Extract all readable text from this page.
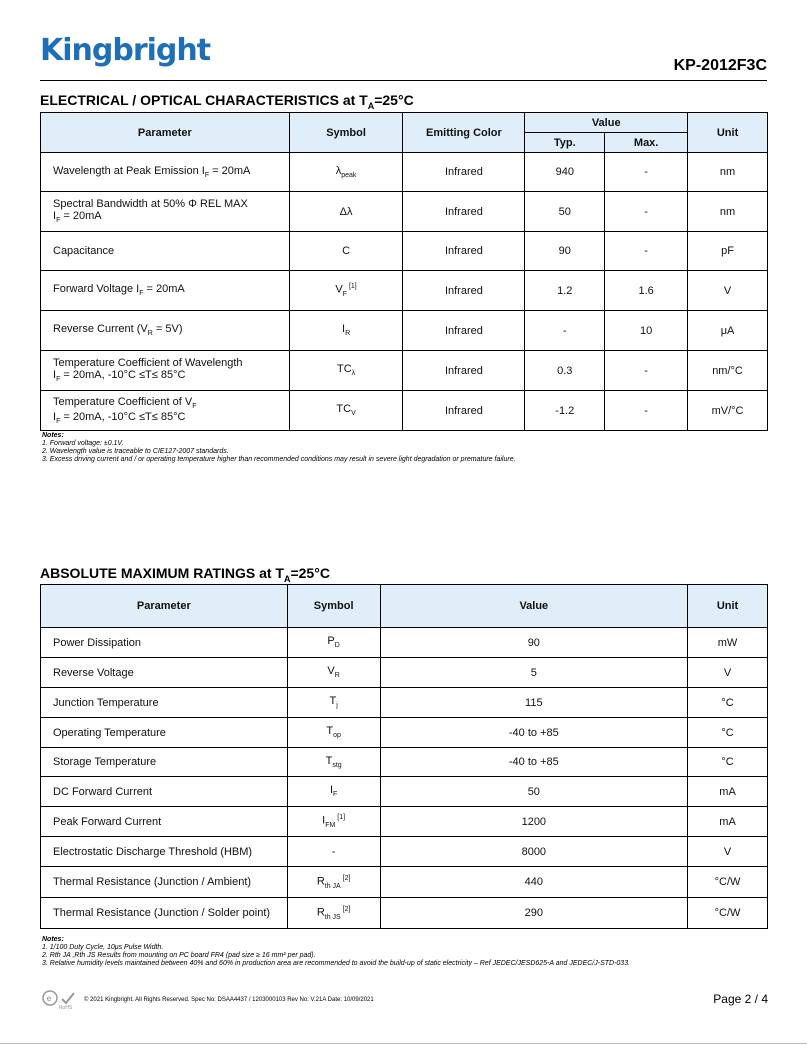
Kingbright	KP-2012F3C
ELECTRICAL / OPTICAL CHARACTERISTICS at $T_A=25^\circ C$
Parameter	Symbol	Emitting Color	Value		Unit
			Typ.	Max.	
Wavelength at Peak Emission $I_F = 20mA$	$\lambda_{peak}$	Infrared	940	-	nm
Spectral Bandwidth at 50% Φ REL MAX
$I_F = 20mA$	Δλ	Infrared	50	-	nm
Capacitance	C	Infrared	90	-	pF
Forward Voltage $I_F = 20mA$	$V_F$ [1]	Infrared	1.2	1.6	V
Reverse Current $(V_R = 5V)$	$I_R$	Infrared	-	10	μA
Temperature Coefficient of Wavelength
$I_F = 20mA$, -10°C ≤T≤ 85°C	$TC_\lambda$	Infrared	0.3	-	nm/°C
Temperature Coefficient of $V_F$
$I_F = 20mA$, -10°C ≤T≤ 85°C	$TC_V$	Infrared	-1.2	-	mV/°C
Notes:
1. Forward voltage: ±0.1V.
2. Wavelength value is traceable to CIE127-2007 standards.
3. Excess driving current and / or operating temperature higher than recommended conditions may result in severe light degradation or premature failure.
ABSOLUTE MAXIMUM RATINGS at $T_A=25^\circ C$
Parameter	Symbol	Value	Unit
Power Dissipation	$P_D$	90	mW
Reverse Voltage	$V_R$	5	V
Junction Temperature	$T_j$	115	°C
Operating Temperature	$T_{op}$	-40 to +85	°C
Storage Temperature	$T_{stg}$	-40 to +85	°C
DC Forward Current	$I_F$	50	mA
Peak Forward Current	$I_{FM}$ [1]	1200	mA
Electrostatic Discharge Threshold (HBM)	-	8000	V
Thermal Resistance (Junction / Ambient)	$R_{th JA}$ [2]	440	°C/W
Thermal Resistance (Junction / Solder point)	$R_{th JS}$ [2]	290	°C/W
Notes:
1. 1/100 Duty Cycle, 10μs Pulse Width.
2. Rth JA ,Rth JS Results from mounting on PC board FR4 (pad size ≥ 16 mm² per pad).
3. Relative humidity levels maintained between 40% and 60% in production area are recommended to avoid the build-up of static electricity – Ref JEDEC/JESD625-A and JEDEC/J-STD-033.
e
RoHS
© 2021 Kingbright. All Rights Reserved. Spec No: DSAA4437 / 1203000103 Rev No: V.21A Date: 10/09/2021	Page 2 / 4
